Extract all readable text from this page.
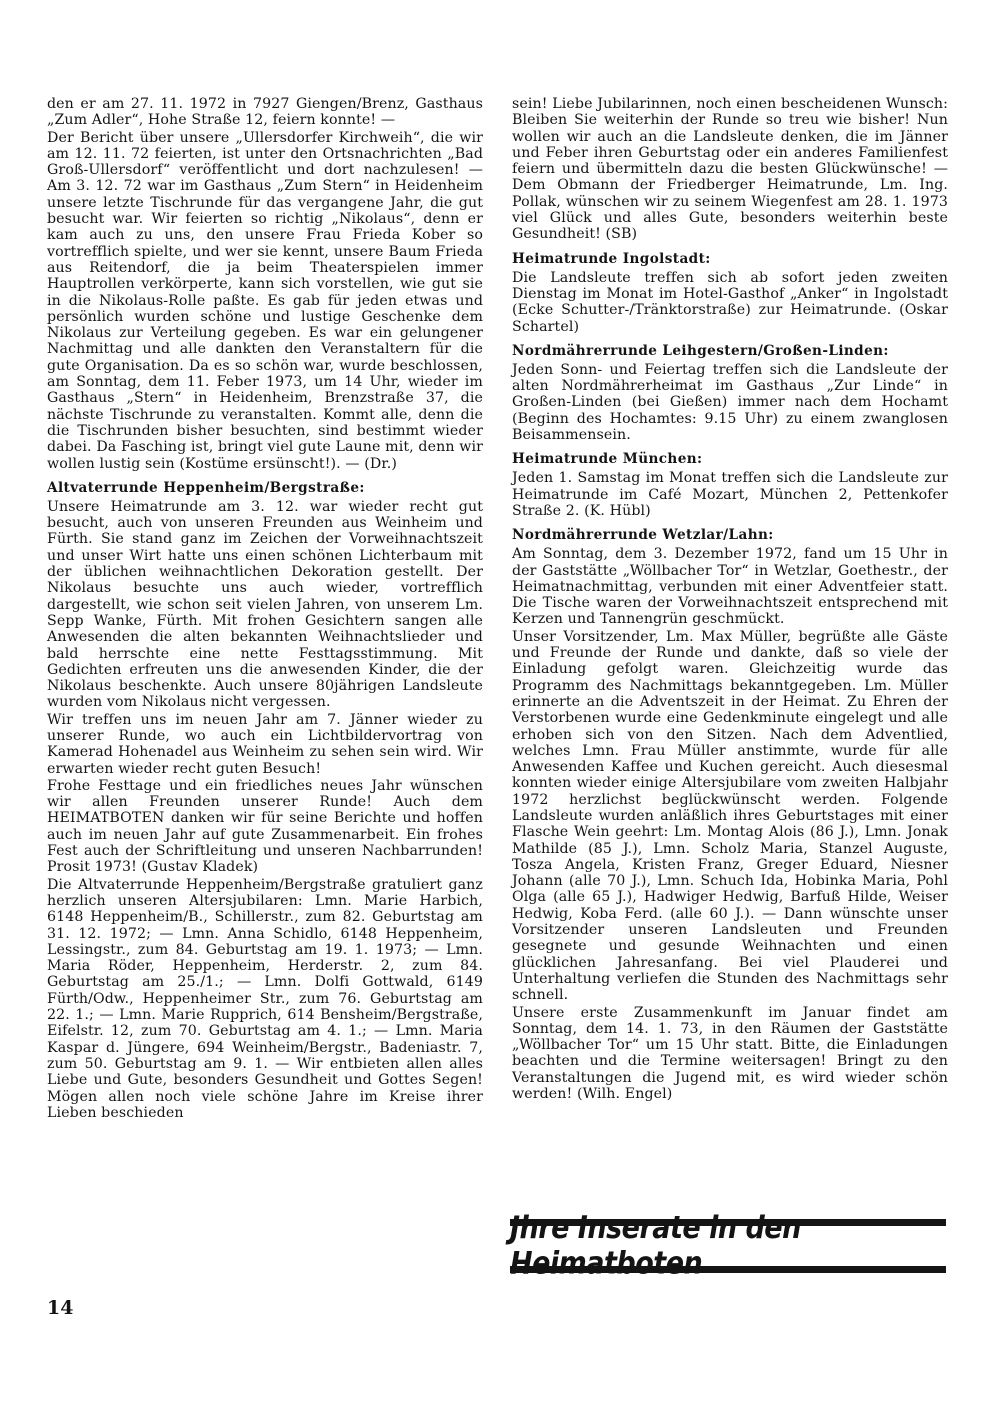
den er am 27. 11. 1972 in 7927 Giengen/Brenz, Gasthaus „Zum Adler“, Hohe Straße 12, feiern konnte! —

Der Bericht über unsere „Ullersdorfer Kirchweih“, die wir am 12. 11. 72 feierten, ist unter den Ortsnachrichten „Bad Groß-Ullersdorf“ veröffentlicht und dort nachzulesen! — Am 3. 12. 72 war im Gasthaus „Zum Stern“ in Heidenheim unsere letzte Tischrunde für das vergangene Jahr, die gut besucht war. Wir feierten so richtig „Nikolaus“, denn er kam auch zu uns, den unsere Frau Frieda Kober so vortrefflich spielte, und wer sie kennt, unsere Baum Frieda aus Reitendorf, die ja beim Theaterspielen immer Hauptrollen verkörperte, kann sich vorstellen, wie gut sie in die Nikolaus-Rolle paßte. Es gab für jeden etwas und persönlich wurden schöne und lustige Geschenke dem Nikolaus zur Verteilung gegeben. Es war ein gelungener Nachmittag und alle dankten den Veranstaltern für die gute Organisation. Da es so schön war, wurde beschlossen, am Sonntag, dem 11. Feber 1973, um 14 Uhr, wieder im Gasthaus „Stern“ in Heidenheim, Brenzstraße 37, die nächste Tischrunde zu veranstalten. Kommt alle, denn die die Tischrunden bisher besuchten, sind bestimmt wieder dabei. Da Fasching ist, bringt viel gute Laune mit, denn wir wollen lustig sein (Kostüme ersünscht!). — (Dr.)

Altvaterrunde Heppenheim/Bergstraße:

Unsere Heimatrunde am 3. 12. war wieder recht gut besucht, auch von unseren Freunden aus Weinheim und Fürth. Sie stand ganz im Zeichen der Vorweihnachtszeit und unser Wirt hatte uns einen schönen Lichterbaum mit der üblichen weihnachtlichen Dekoration gestellt. Der Nikolaus besuchte uns auch wieder, vortrefflich dargestellt, wie schon seit vielen Jahren, von unserem Lm. Sepp Wanke, Fürth. Mit frohen Gesichtern sangen alle Anwesenden die alten bekannten Weihnachtslieder und bald herrschte eine nette Festtagsstimmung. Mit Gedichten erfreuten uns die anwesenden Kinder, die der Nikolaus beschenkte. Auch unsere 80jährigen Landsleute wurden vom Nikolaus nicht vergessen.

Wir treffen uns im neuen Jahr am 7. Jänner wieder zu unserer Runde, wo auch ein Lichtbildervortrag von Kamerad Hohenadel aus Weinheim zu sehen sein wird. Wir erwarten wieder recht guten Besuch!

Frohe Festtage und ein friedliches neues Jahr wünschen wir allen Freunden unserer Runde! Auch dem HEIMATBOTEN danken wir für seine Berichte und hoffen auch im neuen Jahr auf gute Zusammenarbeit. Ein frohes Fest auch der Schriftleitung und unseren Nachbarrunden! Prosit 1973! (Gustav Kladek)

Die Altvaterrunde Heppenheim/Bergstraße gratuliert ganz herzlich unseren Altersjubilaren: Lmn. Marie Harbich, 6148 Heppenheim/B., Schillerstr., zum 82. Geburtstag am 31. 12. 1972; — Lmn. Anna Schidlo, 6148 Heppenheim, Lessingstr., zum 84. Geburtstag am 19. 1. 1973; — Lmn. Maria Röder, Heppenheim, Herderstr. 2, zum 84. Geburtstag am 25./1.; — Lmn. Dolfi Gottwald, 6149 Fürth/Odw., Heppenheimer Str., zum 76. Geburtstag am 22. 1.; — Lmn. Marie Rupprich, 614 Bensheim/Bergstraße, Eifelstr. 12, zum 70. Geburtstag am 4. 1.; — Lmn. Maria Kaspar d. Jüngere, 694 Weinheim/Bergstr., Badeniastr. 7, zum 50. Geburtstag am 9. 1. — Wir entbieten allen alles Liebe und Gute, besonders Gesundheit und Gottes Segen! Mögen allen noch viele schöne Jahre im Kreise ihrer Lieben beschieden

sein! Liebe Jubilarinnen, noch einen bescheidenen Wunsch: Bleiben Sie weiterhin der Runde so treu wie bisher! Nun wollen wir auch an die Landsleute denken, die im Jänner und Feber ihren Geburtstag oder ein anderes Familienfest feiern und übermitteln dazu die besten Glückwünsche! — Dem Obmann der Friedberger Heimatrunde, Lm. Ing. Pollak, wünschen wir zu seinem Wiegenfest am 28. 1. 1973 viel Glück und alles Gute, besonders weiterhin beste Gesundheit! (SB)

Heimatrunde Ingolstadt:

Die Landsleute treffen sich ab sofort jeden zweiten Dienstag im Monat im Hotel-Gasthof „Anker“ in Ingolstadt (Ecke Schutter-/Tränktorstraße) zur Heimatrunde. (Oskar Schartel)

Nordmährerrunde Leihgestern/Großen-Linden:

Jeden Sonn- und Feiertag treffen sich die Landsleute der alten Nordmährerheimat im Gasthaus „Zur Linde“ in Großen-Linden (bei Gießen) immer nach dem Hochamt (Beginn des Hochamtes: 9.15 Uhr) zu einem zwanglosen Beisammensein.

Heimatrunde München:

Jeden 1. Samstag im Monat treffen sich die Landsleute zur Heimatrunde im Café Mozart, München 2, Pettenkofer Straße 2. (K. Hübl)

Nordmährerrunde Wetzlar/Lahn:

Am Sonntag, dem 3. Dezember 1972, fand um 15 Uhr in der Gaststätte „Wöllbacher Tor“ in Wetzlar, Goethestr., der Heimatnachmittag, verbunden mit einer Adventfeier statt. Die Tische waren der Vorweihnachtszeit entsprechend mit Kerzen und Tannengrün geschmückt.

Unser Vorsitzender, Lm. Max Müller, begrüßte alle Gäste und Freunde der Runde und dankte, daß so viele der Einladung gefolgt waren. Gleichzeitig wurde das Programm des Nachmittags bekanntgegeben. Lm. Müller erinnerte an die Adventszeit in der Heimat. Zu Ehren der Verstorbenen wurde eine Gedenkminute eingelegt und alle erhoben sich von den Sitzen. Nach dem Adventlied, welches Lmn. Frau Müller anstimmte, wurde für alle Anwesenden Kaffee und Kuchen gereicht. Auch diesesmal konnten wieder einige Altersjubilare vom zweiten Halbjahr 1972 herzlichst beglückwünscht werden. Folgende Landsleute wurden anläßlich ihres Geburtstages mit einer Flasche Wein geehrt: Lm. Montag Alois (86 J.), Lmn. Jonak Mathilde (85 J.), Lmn. Scholz Maria, Stanzel Auguste, Tosza Angela, Kristen Franz, Greger Eduard, Niesner Johann (alle 70 J.), Lmn. Schuch Ida, Hobinka Maria, Pohl Olga (alle 65 J.), Hadwiger Hedwig, Barfuß Hilde, Weiser Hedwig, Koba Ferd. (alle 60 J.). — Dann wünschte unser Vorsitzender unseren Landsleuten und Freunden gesegnete und gesunde Weihnachten und einen glücklichen Jahresanfang. Bei viel Plauderei und Unterhaltung verliefen die Stunden des Nachmittags sehr schnell.

Unsere erste Zusammenkunft im Januar findet am Sonntag, dem 14. 1. 73, in den Räumen der Gaststätte „Wöllbacher Tor“ um 15 Uhr statt. Bitte, die Einladungen beachten und die Termine weitersagen! Bringt zu den Veranstaltungen die Jugend mit, es wird wieder schön werden! (Wilh. Engel)

Jhre Inserate in den Heimatboten
14
